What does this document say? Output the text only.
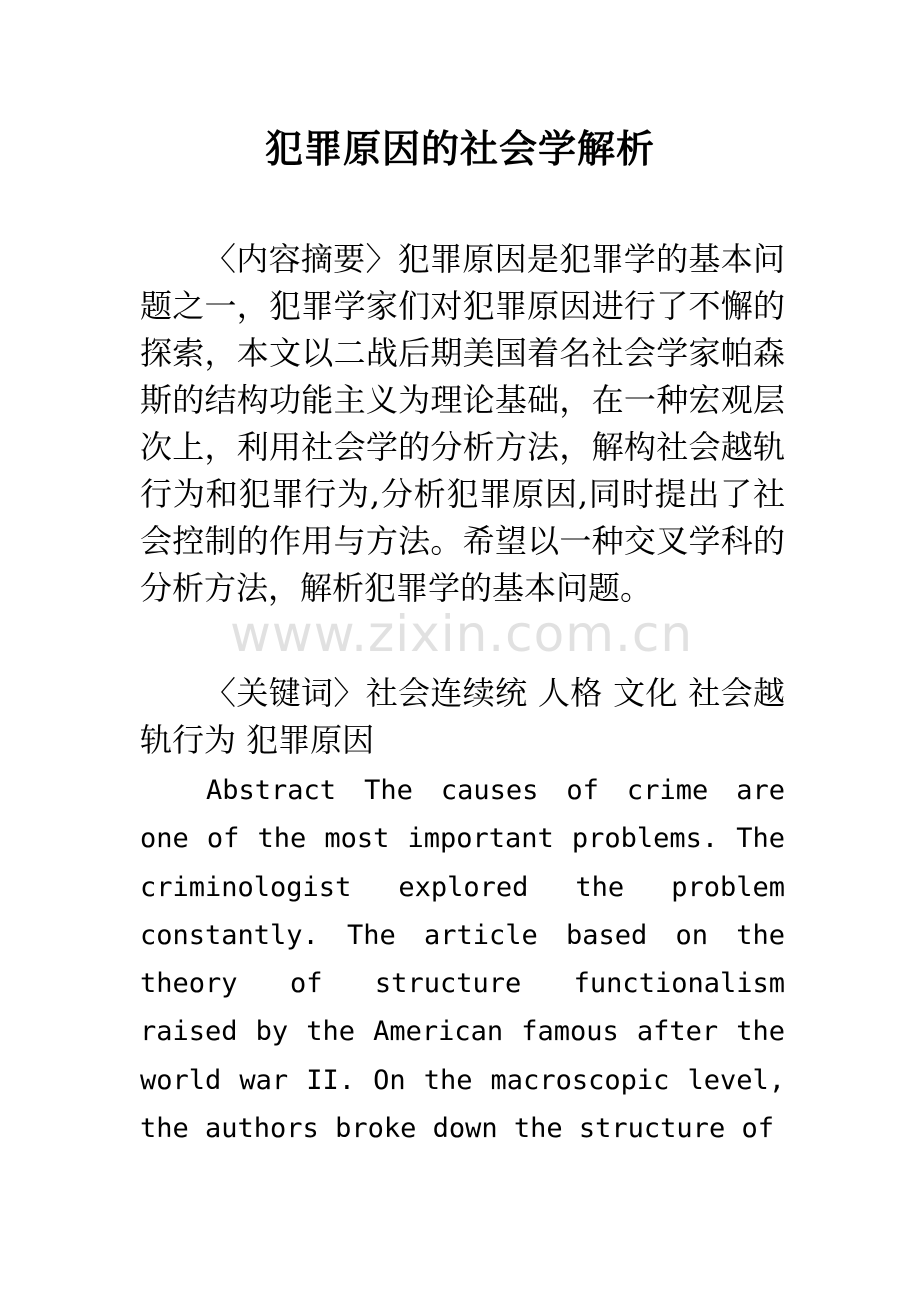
犯罪原因的社会学解析

〈内容摘要〉犯罪原因是犯罪学的基本问题之一，犯罪学家们对犯罪原因进行了不懈的探索，本文以二战后期美国着名社会学家帕森斯的结构功能主义为理论基础，在一种宏观层次上，利用社会学的分析方法，解构社会越轨行为和犯罪行为,分析犯罪原因,同时提出了社会控制的作用与方法。希望以一种交叉学科的分析方法，解析犯罪学的基本问题。

〈关键词〉社会连续统 人格 文化 社会越轨行为 犯罪原因

Abstract The causes of crime are one of the most important problems. The criminologist explored the problem constantly. The article based on the theory of structure functionalism raised by the American famous after the world war II. On the macroscopic level, the authors broke down the structure of

www.zixin.com.cn
